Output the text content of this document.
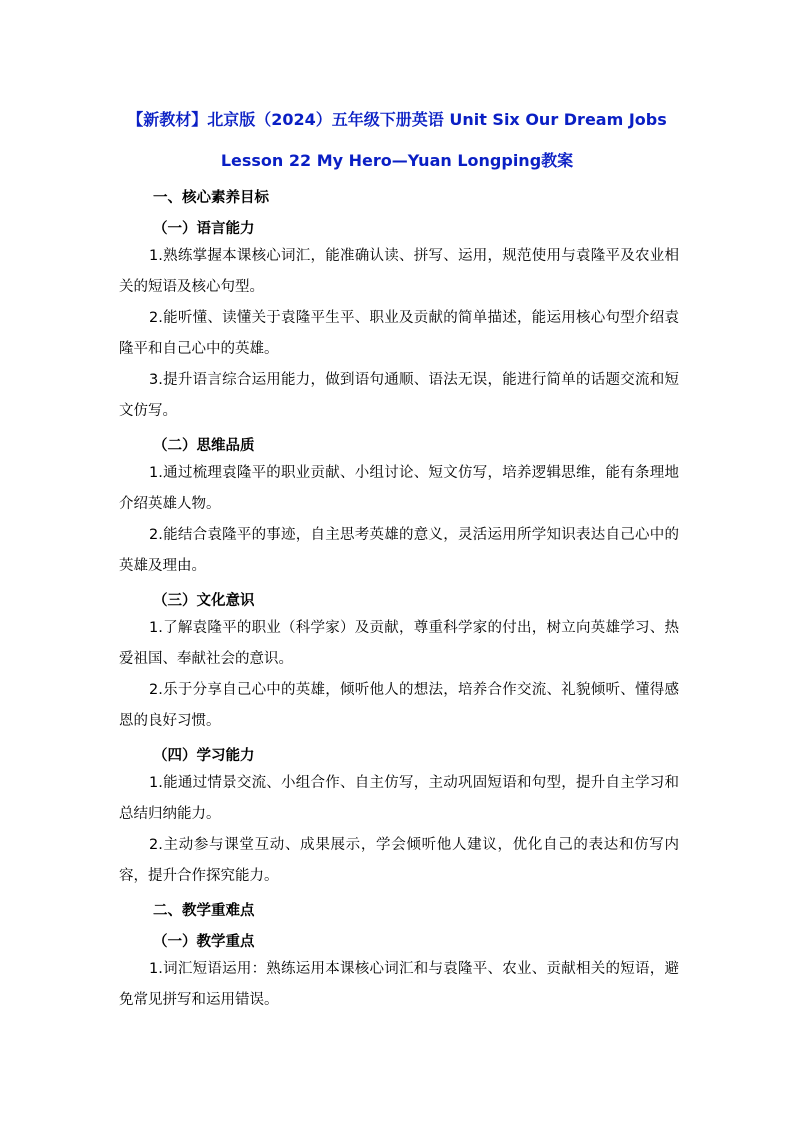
【新教材】北京版（2024）五年级下册英语 Unit Six Our Dream Jobs
Lesson 22 My Hero—Yuan Longping教案
一、核心素养目标
（一）语言能力
1.熟练掌握本课核心词汇，能准确认读、拼写、运用，规范使用与袁隆平及农业相关的短语及核心句型。
2.能听懂、读懂关于袁隆平生平、职业及贡献的简单描述，能运用核心句型介绍袁隆平和自己心中的英雄。
3.提升语言综合运用能力，做到语句通顺、语法无误，能进行简单的话题交流和短文仿写。
（二）思维品质
1.通过梳理袁隆平的职业贡献、小组讨论、短文仿写，培养逻辑思维，能有条理地介绍英雄人物。
2.能结合袁隆平的事迹，自主思考英雄的意义，灵活运用所学知识表达自己心中的英雄及理由。
（三）文化意识
1.了解袁隆平的职业（科学家）及贡献，尊重科学家的付出，树立向英雄学习、热爱祖国、奉献社会的意识。
2.乐于分享自己心中的英雄，倾听他人的想法，培养合作交流、礼貌倾听、懂得感恩的良好习惯。
（四）学习能力
1.能通过情景交流、小组合作、自主仿写，主动巩固短语和句型，提升自主学习和总结归纳能力。
2.主动参与课堂互动、成果展示，学会倾听他人建议，优化自己的表达和仿写内容，提升合作探究能力。
二、教学重难点
（一）教学重点
1.词汇短语运用：熟练运用本课核心词汇和与袁隆平、农业、贡献相关的短语，避免常见拼写和运用错误。
